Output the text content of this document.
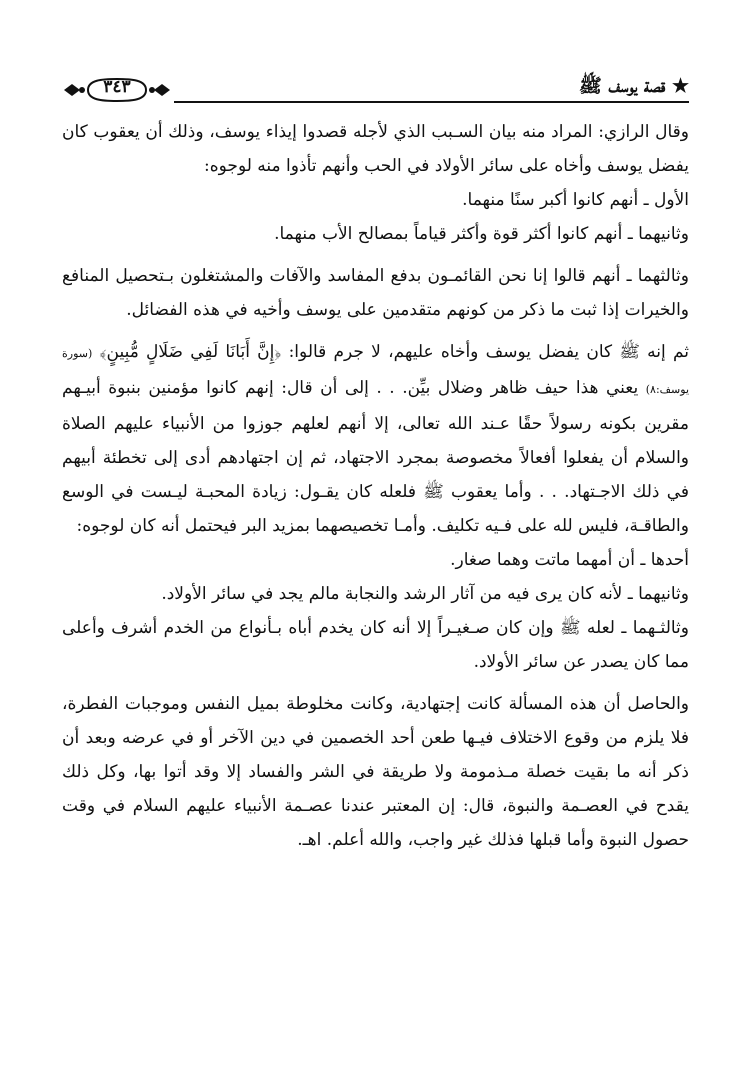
★ قصة يوسف ﷺ
٣٤٣

وقال الرازي: المراد منه بيان السـبب الذي لأجله قصدوا إيذاء يوسف، وذلك أن يعقوب كان يفضل يوسف وأخاه على سائر الأولاد في الحب وأنهم تأذوا منه لوجوه:

الأول ـ أنهم كانوا أكبر سنًا منهما.

وثانيهما ـ أنهم كانوا أكثر قوة وأكثر قياماً بمصالح الأب منهما.

وثالثهما ـ أنهم قالوا إنا نحن القائمـون بدفع المفاسد والآفات والمشتغلون بـتحصيل المنافع والخيرات إذا ثبت ما ذكر من كونهم متقدمين على يوسف وأخيه في هذه الفضائل.

ثم إنه ﷺ كان يفضل يوسف وأخاه عليهم، لا جرم قالوا: ﴿إِنَّ أَبَانَا لَفِي ضَلَالٍ مُّبِينٍ﴾ (سورة يوسف:٨) يعني هذا حيف ظاهر وضلال بيِّن. . . إلى أن قال: إنهم كانوا مؤمنين بنبوة أبيـهم مقرين بكونه رسولاً حقًا عـند الله تعالى، إلا أنهم لعلهم جوزوا من الأنبياء عليهم الصلاة والسلام أن يفعلوا أفعالاً مخصوصة بمجرد الاجتهاد، ثم إن اجتهادهم أدى إلى تخطئة أبيهم في ذلك الاجـتهاد. . . وأما يعقوب ﷺ فلعله كان يقـول: زيادة المحبـة ليـست في الوسع والطاقـة، فليس لله على فـيه تكليف. وأمـا تخصيصهما بمزيد البر فيحتمل أنه كان لوجوه:

أحدها ـ أن أمهما ماتت وهما صغار.

وثانيهما ـ لأنه كان يرى فيه من آثار الرشد والنجابة مالم يجد في سائر الأولاد.

وثالثـهما ـ لعله ﷺ وإن كان صـغيـراً إلا أنه كان يخدم أباه بـأنواع من الخدم أشرف وأعلى مما كان يصدر عن سائر الأولاد.

والحاصل أن هذه المسألة كانت إجتهادية، وكانت مخلوطة بميل النفس وموجبات الفطرة، فلا يلزم من وقوع الاختلاف فيـها طعن أحد الخصمين في دين الآخر أو في عرضه وبعد أن ذكر أنه ما بقيت خصلة مـذمومة ولا طريقة في الشر والفساد إلا وقد أتوا بها، وكل ذلك يقدح في العصـمة والنبوة، قال: إن المعتبر عندنا عصـمة الأنبياء عليهم السلام في وقت حصول النبوة وأما قبلها فذلك غير واجب، والله أعلم. اهـ.
